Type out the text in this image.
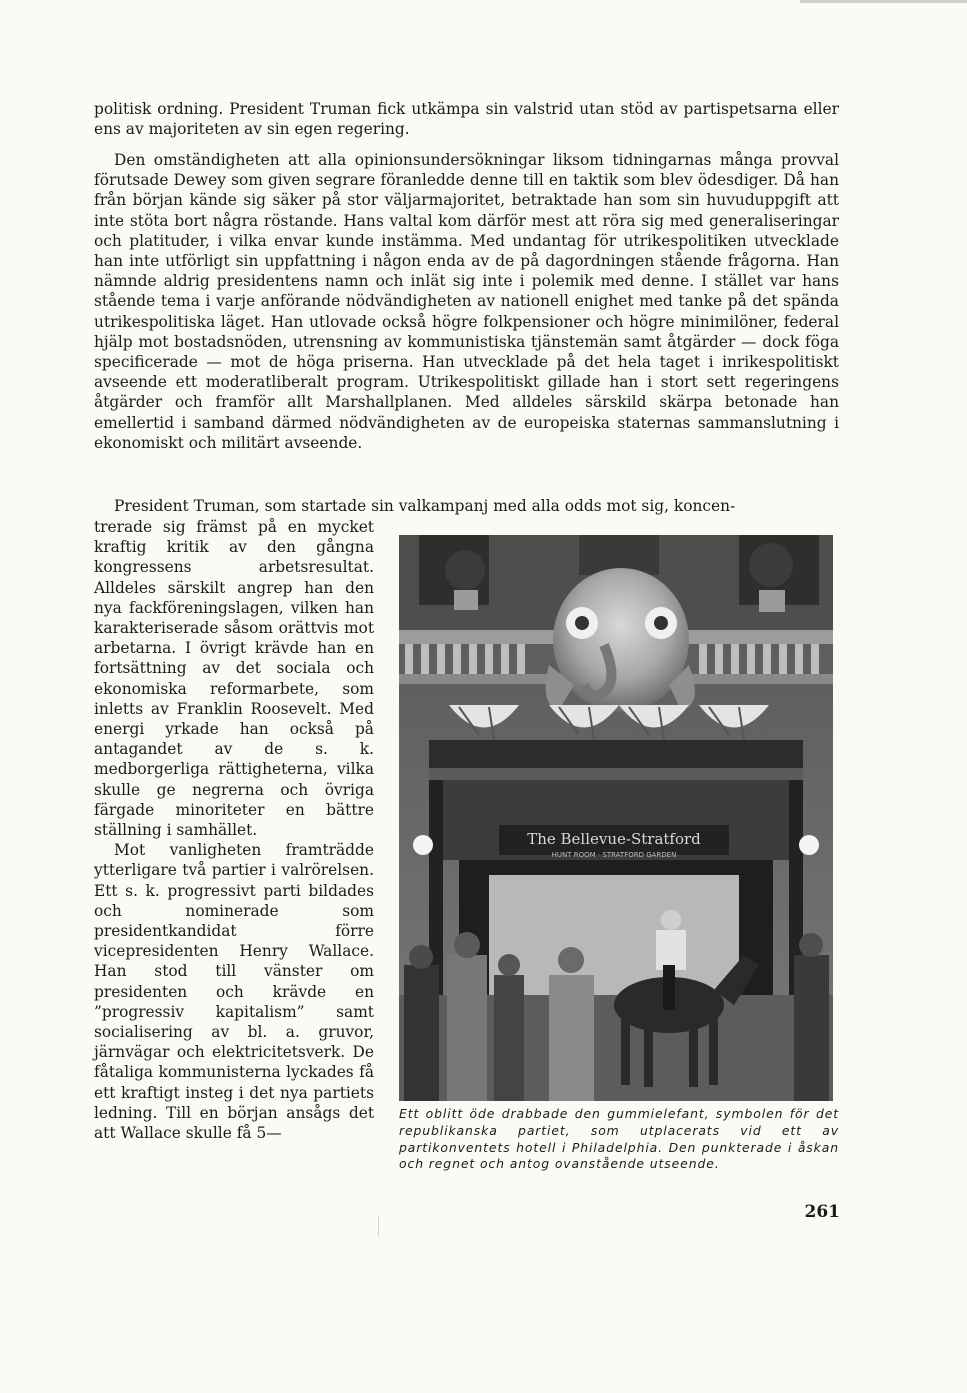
politisk ordning. President Truman fick utkämpa sin valstrid utan stöd av partispetsarna eller ens av majoriteten av sin egen regering.

Den omständigheten att alla opinionsundersökningar liksom tidningarnas många provval förutsade Dewey som given segrare föranledde denne till en taktik som blev ödesdiger. Då han från början kände sig säker på stor väljarmajoritet, betraktade han som sin huvuduppgift att inte stöta bort några röstande. Hans valtal kom därför mest att röra sig med generaliseringar och platituder, i vilka envar kunde instämma. Med undantag för utrikespolitiken utvecklade han inte utförligt sin uppfattning i någon enda av de på dagordningen stående frågorna. Han nämnde aldrig presidentens namn och inlät sig inte i polemik med denne. I stället var hans stående tema i varje anförande nödvändigheten av nationell enighet med tanke på det spända utrikespolitiska läget. Han utlovade också högre folkpensioner och högre minimilöner, federal hjälp mot bostadsnöden, utrensning av kommunistiska tjänstemän samt åtgärder — dock föga specificerade — mot de höga priserna. Han utvecklade på det hela taget i inrikespolitiskt avseende ett moderatliberalt program. Utrikespolitiskt gillade han i stort sett regeringens åtgärder och framför allt Marshallplanen. Med alldeles särskild skärpa betonade han emellertid i samband därmed nödvändigheten av de europeiska staternas sammanslutning i ekonomiskt och militärt avseende.

President Truman, som startade sin valkampanj med alla odds mot sig, koncen-

trerade sig främst på en mycket kraftig kritik av den gångna kongressens arbetsresultat. Alldeles särskilt angrep han den nya fackföreningslagen, vilken han karakteriserade såsom orättvis mot arbetarna. I övrigt krävde han en fortsättning av det sociala och ekonomiska reformarbete, som inletts av Franklin Roosevelt. Med energi yrkade han också på antagandet av de s. k. medborgerliga rättigheterna, vilka skulle ge negrerna och övriga färgade minoriteter en bättre ställning i samhället.

Mot vanligheten framträdde ytterligare två partier i valrörelsen. Ett s. k. progressivt parti bildades och nominerade som presidentkandidat förre vicepresidenten Henry Wallace. Han stod till vänster om presidenten och krävde en ”progressiv kapitalism” samt socialisering av bl. a. gruvor, järnvägar och elektricitetsverk. De fåtaliga kommunisterna lyckades få ett kraftigt insteg i det nya partiets ledning. Till en början ansågs det att Wallace skulle få 5—

The Bellevue-Stratford
HUNT ROOM · STRATFORD GARDEN
Ett oblitt öde drabbade den gummielefant, symbolen för det republikanska partiet, som utplacerats vid ett av partikonventets hotell i Philadelphia. Den punkterade i åskan och regnet och antog ovanstående utseende.
261
